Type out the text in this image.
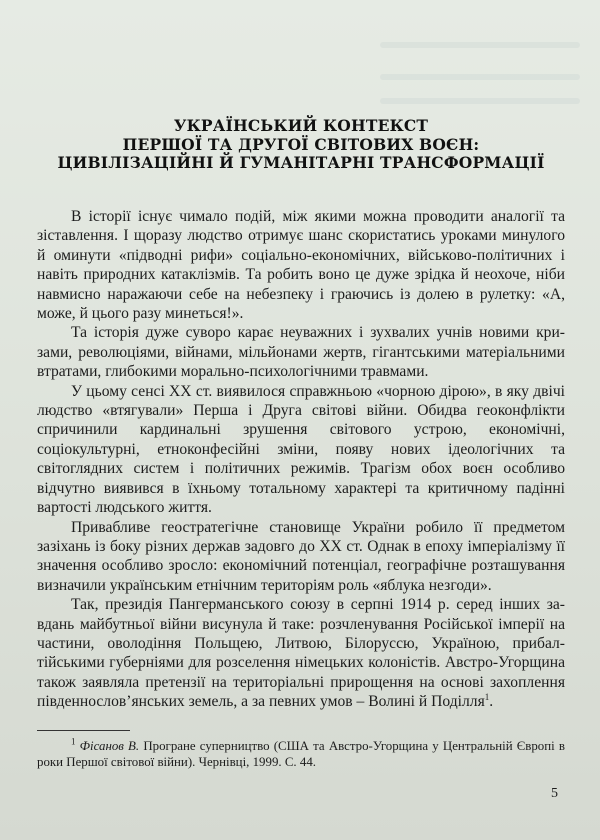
УКРАЇНСЬКИЙ КОНТЕКСТ
ПЕРШОЇ ТА ДРУГОЇ СВІТОВИХ ВОЄН:
ЦИВІЛІЗАЦІЙНІ Й ГУМАНІТАРНІ ТРАНСФОРМАЦІЇ

В історії існує чимало подій, між якими можна проводити аналогії та зіставлення. І щоразу людство отримує шанс скористатись уроками минулого й оминути «підводні рифи» соціально-економічних, військово-політичних і навіть природних катаклізмів. Та робить воно це дуже зрідка й неохоче, ніби навмисно наражаючи себе на небезпеку і граючись із долею в рулетку: «А, може, й цього разу минеться!».

Та історія дуже суворо карає неуважних і зухвалих учнів новими кризами, революціями, війнами, мільйонами жертв, гігантськими матеріальними втратами, глибокими морально-психологічними травмами.

У цьому сенсі ХХ ст. виявилося справжньою «чорною дірою», в яку двічі людство «втягували» Перша і Друга світові війни. Обидва геоконфлікти спричинили кардинальні зрушення світового устрою, економічні, соціокультурні, етноконфесійні зміни, появу нових ідеологічних та світоглядних систем і політичних режимів. Трагізм обох воєн особливо відчутно виявився в їхньому тотальному характері та критичному падінні вартості людського життя.

Привабливе геостратегічне становище України робило її предметом зазіхань із боку різних держав задовго до ХХ ст. Однак в епоху імперіалізму її значення особливо зросло: економічний потенціал, географічне розташування визначили українським етнічним територіям роль «яблука незгоди».

Так, президія Пангерманського союзу в серпні 1914 р. серед інших завдань майбутньої війни висунула й таке: розчленування Російської імперії на частини, оволодіння Польщею, Литвою, Білоруссю, Україною, прибалтійськими губерніями для розселення німецьких колоністів. Австро-Угорщина також заявляла претензії на територіальні прирощення на основі захоплення південнослов’янських земель, а за певних умов – Волині й Поділля$^1$.

$^1$ Фісанов В. Програне суперництво (США та Австро-Угорщина у Центральній Європі в роки Першої світової війни). Чернівці, 1999. С. 44.
5
